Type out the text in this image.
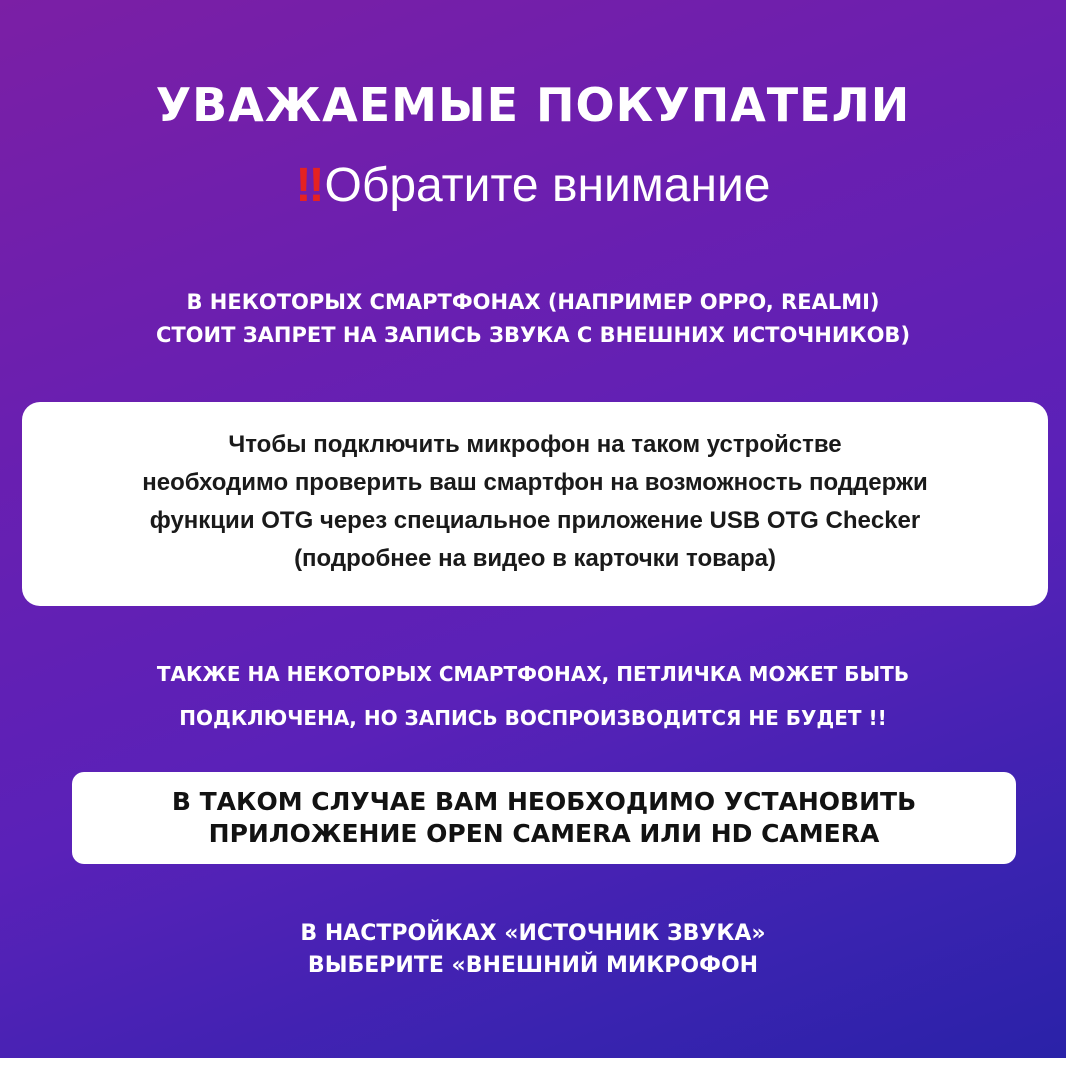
УВАЖАЕМЫЕ ПОКУПАТЕЛИ
‼Обратите внимание
В НЕКОТОРЫХ СМАРТФОНАХ (НАПРИМЕР OPPO, REALMI)
СТОИТ ЗАПРЕТ НА ЗАПИСЬ ЗВУКА С ВНЕШНИХ ИСТОЧНИКОВ)
Чтобы подключить микрофон на таком устройстве
необходимо проверить ваш смартфон на возможность поддержи
функции OTG через специальное приложение USB OTG Checker
(подробнее на видео в карточки товара)
ТАКЖЕ НА НЕКОТОРЫХ СМАРТФОНАХ, ПЕТЛИЧКА МОЖЕТ БЫТЬ
ПОДКЛЮЧЕНА, НО ЗАПИСЬ ВОСПРОИЗВОДИТСЯ НЕ БУДЕТ !!
В ТАКОМ СЛУЧАЕ ВАМ НЕОБХОДИМО УСТАНОВИТЬ
ПРИЛОЖЕНИЕ OPEN CAMERA ИЛИ HD CAMERA
В НАСТРОЙКАХ «ИСТОЧНИК ЗВУКА»
ВЫБЕРИТЕ «ВНЕШНИЙ МИКРОФОН
